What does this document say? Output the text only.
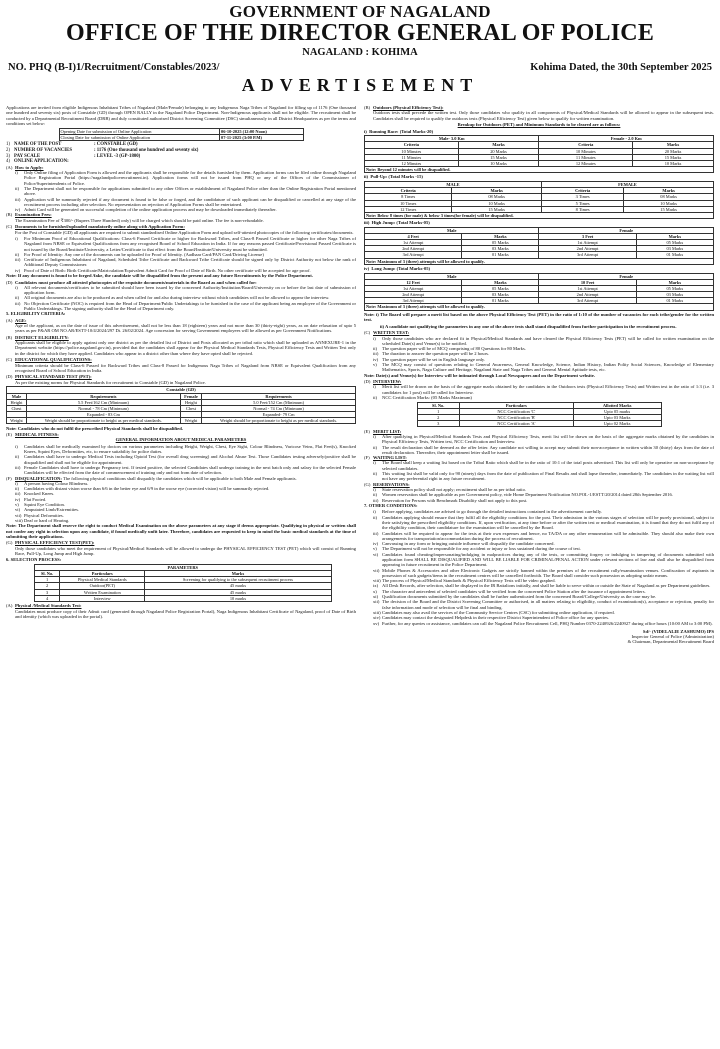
GOVERNMENT OF NAGALAND
OFFICE OF THE DIRECTOR GENERAL OF POLICE
NAGALAND : KOHIMA
NO. PHQ (B-I)1/Recruitment/Constables/2023/	Kohima Dated, the 30th September 2025
ADVERTISEMENT

Applications are invited from eligible Indigenous Inhabitant Tribes of Nagaland (Male/Female) belonging to any Indigenous Naga Tribes of Nagaland for filling up of 1176 (One thousand one hundred and seventy six) posts of Constable (GD) through OPEN RALLY in the Nagaland Police Department. Non-Indigenous applicants shall not be eligible. The recruitment shall be conducted by a Departmental Recruitment Board (DRB) and duly constituted authorised District Screening Committee (DSC) simultaneously in all District Headquarters as per the terms and conditions set below:

Opening Date for submission of Online Application	06-10-2025 (12:00 Noon)
Closing Date for submission of Online Application	07-11-2025 (3:00 P.M)
1) NAME OF THE POST	: CONSTABLE (GD)
2) NUMBER OF VACANCIES	: 1176 (One thousand one hundred and seventy six)
3) PAY SCALE	: LEVEL -3 (GP-1800)
4) ONLINE APPLICATION:
(A) How to Apply:
i)	Only Online filing of Application Form is allowed and the applicants shall be responsible for the details furnished by them. Application forms can be filed online through Nagaland Police Registration Portal (https://nagalandpolicerecruitment.in). Application forms will not be issued from PHQ or any of the Offices of the Commissioner of Police/Superintendents of Police.
ii)	The Department shall not be responsible for applications submitted to any other Offices or establishment of Nagaland Police other than the Online Registration Portal mentioned above.
iii) Application will be summarily rejected if any document is found to be false or forged, and the candidature of such applicant can be disqualified or cancelled at any stage of the recruitment process including after selection. No representation on rejection of Application Forms shall be entertained.
iv) Admit Card will be generated on successful completion of the online application process and may be downloaded immediately thereafter.
(B) Examination Fees:

The Examination Fee of ₹300/- (Rupees Three Hundred) only) will be charged which should be paid online. The fee is non-refundable.

(C) Documents to be furnished/uploaded mandatorily online along with Application Form:

For the Post of Constable (GD) all applicants are required to submit standardised Online Application Form and upload self-attested photocopies of the following certificates/documents.

i)	For Minimum Proof of Educational Qualifications: Class-6 Passed Certificate or higher for Backward Tribes, and Class-8 Passed Certificate or higher for other Naga Tribes of Nagaland from NBSE or Equivalent Qualifications from any recognised Board of School Education in India. If for any reasons passed Certificate/Provisional Passed Certificate is not issued by the Board/Institute/University, a Letter/Certificate to that effect from the Board/Institute/University must be submitted.
ii)	For Proof of Identity: Any one of the documents can be uploaded for Proof of Identity. (Aadhaar Card/PAN Card/Driving License)
iii) Certificate of Indigenous Inhabitant of Nagaland, Scheduled Tribe Certificate and Backward Tribe Certificate should be signed only by District Authority not below the rank of Additional Deputy Commissioner.
iv) Proof of Date of Birth: Birth Certificate/Matriculation/Equivalent Admit Card for Proof of Date of Birth. No other certificate will be accepted for age proof.

Note: If any document is found to be forged /fake, the candidate will be disqualified from the present and any future Recruitments by the Police Department.

(D) Candidates must produce all attested photocopies of the requisite documents/materials in the Board as and when called for:
i)	All relevant documents/certificates to be submitted should have been issued by the concerned Authority/Institution/Board/University on or before the last date of submission of application form.
ii)	All original documents are also to be produced as and when called for and also during interview without which candidates will not be allowed to appear the interview.
iii) No Objection Certificate (NOC) is required from the Head of Department/Public Undertakings to be furnished in the case of the applicant being an employee of the Government or Public Undertakings. The signing authority shall be the Head of Department only.

5. ELIGIBILITY CRITERIA:

(A) AGE:

Age of the applicant, as on the date of issue of this advertisement, shall not be less than 18 (eighteen) years and not more than 30 (thirty-eight) years, as on date relaxation of upto 5 years as per P&AR OM NO.AR/ESTT-10/4/2024/297 Dt. 26/02/2024. Age concession for serving Government employees will be allowed as per Government Notifications.

(B) DISTRICT ELIGIBILITY:

Applicants shall be eligible to apply against only one district as per the detailed list of District and Posts allocated as per tribal ratio which shall be uploaded as ANNEXURE-1 in the Department website (https://police.nagaland.gov.in), provided that the candidates shall appear for the Physical Medical Standards Tests, Physical Efficiency Tests and Written Test only in the district for which they have applied. Candidates who appear in a district other than where they have opted shall be rejected.

(C) EDUCATIONAL QUALIFICATIONS:

Minimum criteria should be Class-6 Passed for Backward Tribes and Class-8 Passed for Indigenous Naga Tribes of Nagaland from NBSE or Equivalent Qualification from any recognised Board of School Education in India.

(D) PHYSICAL STANDARD TEST (PST):

As per the existing norms for Physical Standards for recruitment to Constable (GD) in Nagaland Police.

Constable (GD)			
Male	Requirements	Female	Requirements
Height	5.5 Feet/162 Cm (Minimum)	Height	5.0 Feet/152 Cm (Minimum)
Chest	Normal - 78 Cm (Minimum)	Chest	Normal - 74 Cm (Minimum)
	Expanded - 83 Cm		Expanded- 79 Cm
Weight	Weight should be proportionate to height as per medical standards.	Weight	Weight should be proportionate to height as per medical standards.

Note: Candidates who do not fulfil the prescribed Physical Standards shall be disqualified.

(E) MEDICAL FITNESS:

GENERAL INFORMATION ABOUT MEDICAL PARAMETERS

i)	Candidates shall be medically examined by doctors on various parameters including Height, Weight, Chest, Eye Sight, Colour Blindness, Varicose Veins, Flat Feet(s), Knocked Knees, Squint Eyes, Deformities, etc, to ensure suitability for police duties.
ii)	Candidates shall have to undergo Medical Tests including Opioid Test (for overall drug screening) and Alcohol Abuse Test. Those Candidates testing adversely/positive shall be disqualified and shall not be eligible for appointment.
iii) Female Candidates shall have to undergo Pregnancy test. If tested positive, the selected Candidates shall undergo training in the next batch only and salary for the selected Female Candidates will be effected from the date of commencement of training only and not from date of selection.
(F) DISQUALIFICATION: The following physical conditions shall disqualify the candidates which will be applicable to both Male and Female applicants.
i)	A person having Colour Blindness.
ii)	Candidates with distant vision worse than 6/6 in the better eye and 6/9 in the worse eye (corrected vision) will be summarily rejected.
iii) Knocked Knees.
iv) Flat Footed.
v)	Squint Eye Condition.
vi) Amputated Limb/Extremities.
vii) Physical Deformities.
viii) Deaf or hard of Hearing.

Note: The Department shall reserve the right to conduct Medical Examination on the above parameters at any stage if deems appropriate. Qualifying in physical or written shall not confer any right in selection upon any candidate, if found medically unfit later. Therefore, candidates are requested to keep in mind the basic medical standards at the time of submitting their applications.

(G) PHYSICAL EFFICIENCY TEST(PET):

Only those candidates who meet the requirement of Physical/Medical Standards will be allowed to undergo the PHYSICAL EFFICIENCY TEST (PET) which will consist of Running Race, Pull-Up, Long Jump and High Jump.

6. SELECTION PROCESS:

PARAMETERS		
Sl. No.	Particulars	Marks
1	Physical Medical Standards	Screening for qualifying to the subsequent recruitment process
2	Outdoor(PET)	45 marks
3	Written Examination	45 marks
4	Interview	10 marks
(A) Physical /Medical Standards Test:

Candidates must produce copy of their Admit card (generated through Nagaland Police Registration Portal), Naga Indigenous Inhabitant Certificate of Nagaland, proof of Date of Birth and identity (which was uploaded in the portal).

(B) Outdoors (Physical Efficiency Test):

Outdoors tests shall precede the written test. Only those candidates who qualify in all components of Physical/Medical Standards will be allowed to appear in the subsequent tests. Candidates shall be required to qualify the outdoors tests (Physical Efficiency Test) given below to qualify for written examination.

Breakup for Outdoors (PET) and Minimum Standards to be cleared are as follows:

i)  Running Race: (Total Marks-20)

Male- 3.0 Km		Female - 2.0 Km	
Criteria	Marks	Criteria	Marks
10 Minutes	20 Marks	10 Minutes	20 Marks
11 Minutes	15 Marks	11 Minutes	15 Marks
12 Minutes	10 Marks	12 Minutes	10 Marks
Note: Beyond 12 minutes will be disqualified.			

ii)  Pull-Up: (Total Marks -15)

MALE		FEMALE	
Criteria	Marks	Criteria	Marks
8 Times	08 Marks	3 Times	08 Marks
10 Times	10 Marks	5 Times	10 Marks
12 Times	15 Marks	8 Times	15 Marks
Note: Below 8 times (for male) & below 3 times(for female) will be disqualified.			

iii)  High Jump: (Total Marks-05)

Male		Female	
4 Feet	Marks	3 Feet	Marks
1st Attempt	05 Marks	1st Attempt	05 Marks
2nd Attempt	03 Marks	2nd Attempt	03 Marks
3rd Attempt	01 Marks	3rd Attempt	01 Marks
Note: Maximum of 3 (three) attempts will be allowed to qualify.			

iv)  Long Jump: (Total Marks-05)

Male		Female	
12 Feet	Marks	10 Feet	Marks
1st Attempt	05 Marks	1st Attempt	05 Marks
2nd Attempt	03 Marks	2nd Attempt	03 Marks
3rd Attempt	01 Marks	3rd Attempt	01 Marks
Note: Maximum of 3 (three) attempts will be allowed to qualify.			

Note: i) The Board will prepare a merit list based on the above Physical Efficiency Test (PET) in the ratio of 1:10 of the number of vacancies for each tribe/gender for the written test.

ii) A candidate not qualifying the parameters in any one of the above tests shall stand disqualified from further participation in the recruitment process.

(C) WRITTEN TEST:
i)	Only those candidates who are declared fit in Physical/Medical Standards and have cleared the Physical Efficiency Tests (PET) will be called for written examination on the scheduled Date(s) and Venue(s) to be notified.
ii)	The question paper will be of MCQ comprising of 80 Questions for 80 Marks.
iii) The duration to answer the question paper will be 2 hours.
iv) The question paper will be set in English language only.
v)	The MCQ may consist of questions relating to General Awareness, General Knowledge, Science, Indian History, Indian Polity Social Sciences, Knowledge of Elementary Mathematics, Sports, Naga Culture and Heritage, Nagaland State and Naga Tribes and General Mental Aptitude tests, etc.

Note: Date(s) and Venue(s) for Interview will be intimated through Local Newspapers and on the Department website.

(D) INTERVIEW:
i)	Merit list will be drawn on the basis of the aggregate marks obtained by the candidates in the Outdoors tests (Physical Efficiency Tests) and Written test in the ratio of 1:3 (i.e. 3 candidates for 1 post) will be called for Interview.
ii)	NCC Certification Marks: (05 Marks Maximum)
Sl. No.	Particulars	Allotted Marks
1	NCC Certification 'C'	Upto 05 marks
2	NCC Certification 'B'	Upto 03 Marks
3	NCC Certification 'A'	Upto 02 Marks
(E) MERIT LIST:
i)	After qualifying in Physical/Medical Standards Tests and Physical Efficiency Tests, merit list will be drawn on the basis of the aggregate marks obtained by the candidates in Physical Efficiency Tests, Written test, NCC Certification and Interview.
ii)	The result declaration shall be deemed as the offer letter. Any candidate not willing to accept may submit their non-acceptance in written within 30 (thirty) days from the date of result declaration. Thereafter, their appointment letter shall be issued.
(F) WAITING LIST:
i)	The Board shall keep a waiting list based on the Tribal Ratio which shall be in the ratio of 10:1 of the total posts advertised. This list will only be operative on non-acceptance by selected candidates.
ii)	This waiting list shall be valid only for 90 (ninety) days from the date of publication of Final Results and shall lapse thereafter, immediately. The candidates in the waiting list will not have any preferential right in any future recruitment.
(G) RESERVATIONS:
i)	State reservation policy shall not apply; recruitment shall be as per tribal ratio.
ii)	Women reservation shall be applicable as per Government policy, vide Home Department Notification NO.POL-1/ESTT/20/2014 dated 28th September 2016.
iii) Reservation for Persons with Benchmark Disability shall not apply to this post.

7. OTHER CONDITIONS:

i)	Before applying, candidates are advised to go through the detailed instructions contained in the advertisement carefully.
ii)	Candidates applying should ensure that they fulfil all the eligibility conditions for the post. Their admission in the various stages of selection will be purely provisional, subject to their satisfying the prescribed eligibility conditions. If, upon verification, at any time before or after the written test or medical examination, it is found that they do not fulfil any of the eligibility condition, their candidature for the examination will be cancelled by the Board.
iii) Candidates will be required to appear for the tests at their own expenses and hence, no TA/DA or any other remuneration will be admissible. They should also make their own arrangements for transportation/accommodation during the process of recruitment.
iv) Canvassing in any form or bringing outside influence will disqualify the candidate concerned.
v)	The Department will not be responsible for any accident or injury or loss sustained during the course of test.
vi) Candidates found cheating/impersonating/indulging in malpractices during any of the tests, or committing forgery or indulging in tampering of documents submitted with application form SHALL BE DISQUALIFIED AND WILL BE LIABLE FOR CRIMINAL/PENAL ACTION under relevant sections of law and shall also be disqualified from appearing in future recruitment in the Police Department.
vii) Mobile Phones & Accessories and other Electronic Gadgets are strictly banned within the premises of the recruitment rally/examination venues. Confiscation of aspirants in possession of such gadgets/items in the recruitment centres will be cancelled forthwith. The Board shall consider such possession as adopting unfair means.
viii) The process of Physical/Medical Standards & Physical Efficiency Tests will be video graphed.
ix) All Desk Records, after selection, shall be displayed in the IR Battalions initially, and shall be liable to serve within or outside the State of Nagaland as per Department guidelines.
x)	The character and antecedent of selected candidates will be verified from the concerned Police Station after the issuance of appointment letters.
xi) Qualification documents submitted by the candidates shall be further authenticated from the concerned Board/College/University as the case may be.
xii) The decision of the Board and the District Screening Committee or authorised, in all matters relating to eligibility, conduct of examination(s), acceptance or rejection, penalty for false information and mode of selection will be final and binding.
xiii) Candidates may also avail the services of the Community Service Centres (CSC) for submitting online application, if required.
xiv) Candidates may contact the designated Helpdesk in their respective District Superintendent of Police office for any queries.
xv) Further, for any queries or assistance, candidates can call the Nagaland Police Recruitment Cell, PHQ Number 0370-2240926/2240927 during office hours (10:00 AM to 3:00 PM).
Sd/- (VIDELALIE ZASHUMO) IPS
Inspector General of Police (Administration)
& Chairman, Departmental Recruitment Board
